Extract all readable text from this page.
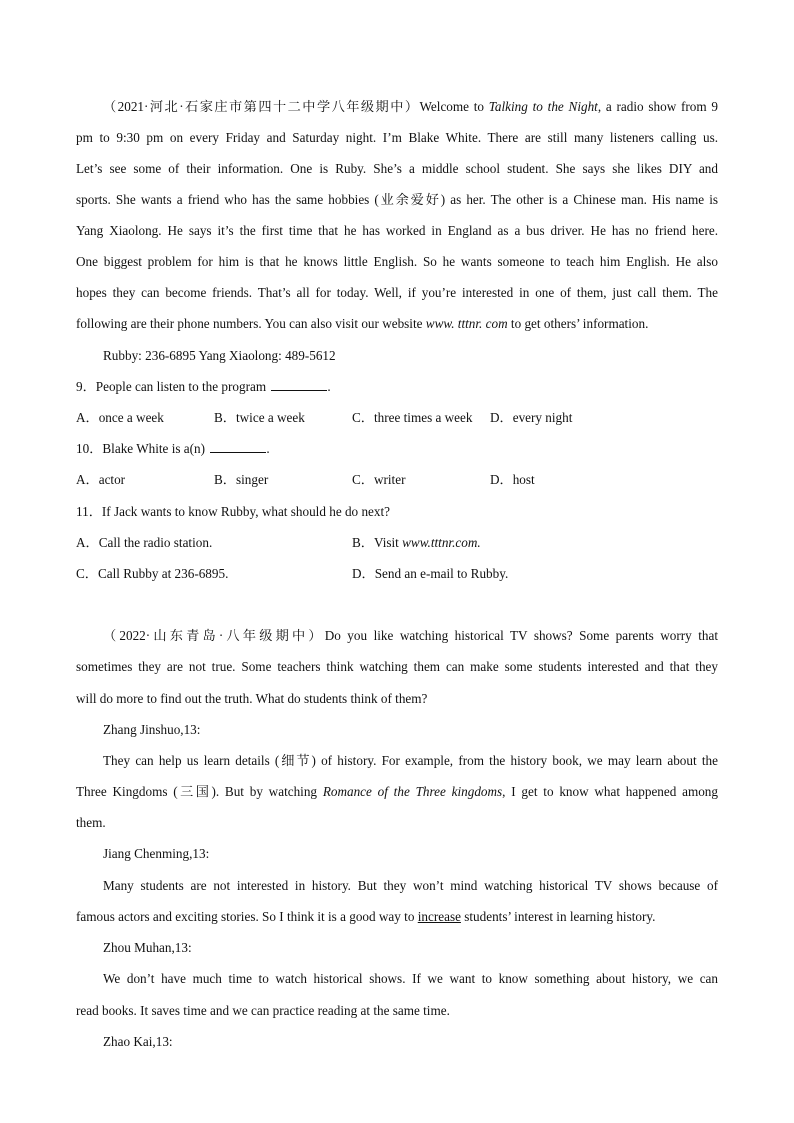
（2021·河北·石家庄市第四十二中学八年级期中）Welcome to Talking to the Night, a radio show from 9
pm to 9:30 pm on every Friday and Saturday night. I’m Blake White. There are still many listeners calling us.
Let’s see some of their information. One is Ruby. She’s a middle school student. She says she likes DIY and
sports. She wants a friend who has the same hobbies (业余爱好) as her. The other is a Chinese man. His name is
Yang Xiaolong. He says it’s the first time that he has worked in England as a bus driver. He has no friend here.
One biggest problem for him is that he knows little English. So he wants someone to teach him English. He also
hopes they can become friends. That’s all for today. Well, if you’re interested in one of them, just call them. The
following are their phone numbers. You can also visit our website www. tttnr. com to get others’ information.
Rubby: 236-6895 Yang Xiaolong: 489-5612
9．People can listen to the program	.
A．once a week	B．twice a week	C．three times a week D．every night
10．Blake White is a(n)	.
A．actor	B．singer	C．writer	D．host
11．If Jack wants to know Rubby, what should he do next?
A．Call the radio station.	B．Visit www.tttnr.com.
C．Call Rubby at 236-6895.	D．Send an e-mail to Rubby.
（2022·山东青岛·八年级期中）Do you like watching historical TV shows? Some parents worry that
sometimes they are not true. Some teachers think watching them can make some students interested and that they
will do more to find out the truth. What do students think of them?
Zhang Jinshuo,13:
They can help us learn details (细节) of history. For example, from the history book, we may learn about the
Three Kingdoms (三国). But by watching Romance of the Three kingdoms, I get to know what happened among
them.
Jiang Chenming,13:
Many students are not interested in history. But they won’t mind watching historical TV shows because of
famous actors and exciting stories. So I think it is a good way to increase students’ interest in learning history.
Zhou Muhan,13:
We don’t have much time to watch historical shows. If we want to know something about history, we can
read books. It saves time and we can practice reading at the same time.
Zhao Kai,13:
